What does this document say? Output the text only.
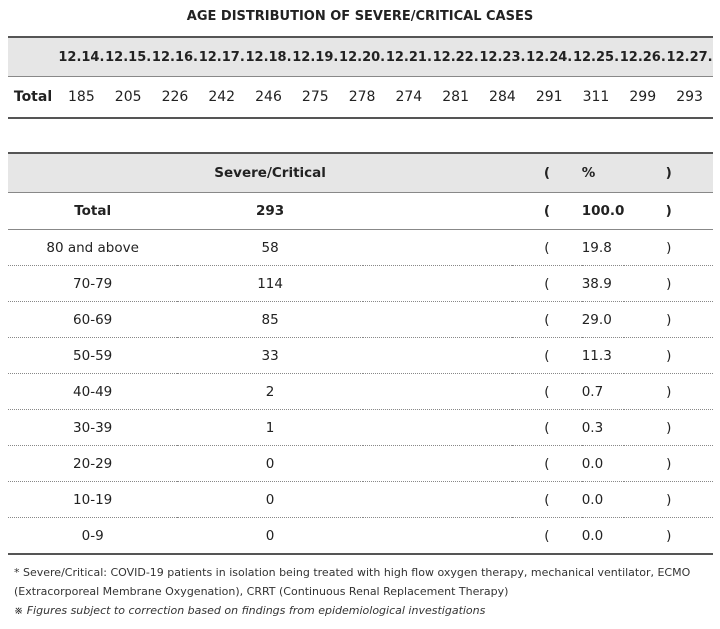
AGE DISTRIBUTION OF SEVERE/CRITICAL CASES
	12.14.	12.15.	12.16.	12.17.	12.18.	12.19.	12.20.	12.21.	12.22.	12.23.	12.24.	12.25.	12.26.	12.27.
Total	185	205	226	242	246	275	278	274	281	284	291	311	299	293
	Severe/Critical		(	%	)
Total	293		(	100.0	)
80 and above	58		(	19.8	)
70-79	114		(	38.9	)
60-69	85		(	29.0	)
50-59	33		(	11.3	)
40-49	2		(	0.7	)
30-39	1		(	0.3	)
20-29	0		(	0.0	)
10-19	0		(	0.0	)
0-9	0		(	0.0	)
* Severe/Critical: COVID-19 patients in isolation being treated with high flow oxygen therapy, mechanical ventilator, ECMO (Extracorporeal Membrane Oxygenation), CRRT (Continuous Renal Replacement Therapy)
※ Figures subject to correction based on findings from epidemiological investigations
